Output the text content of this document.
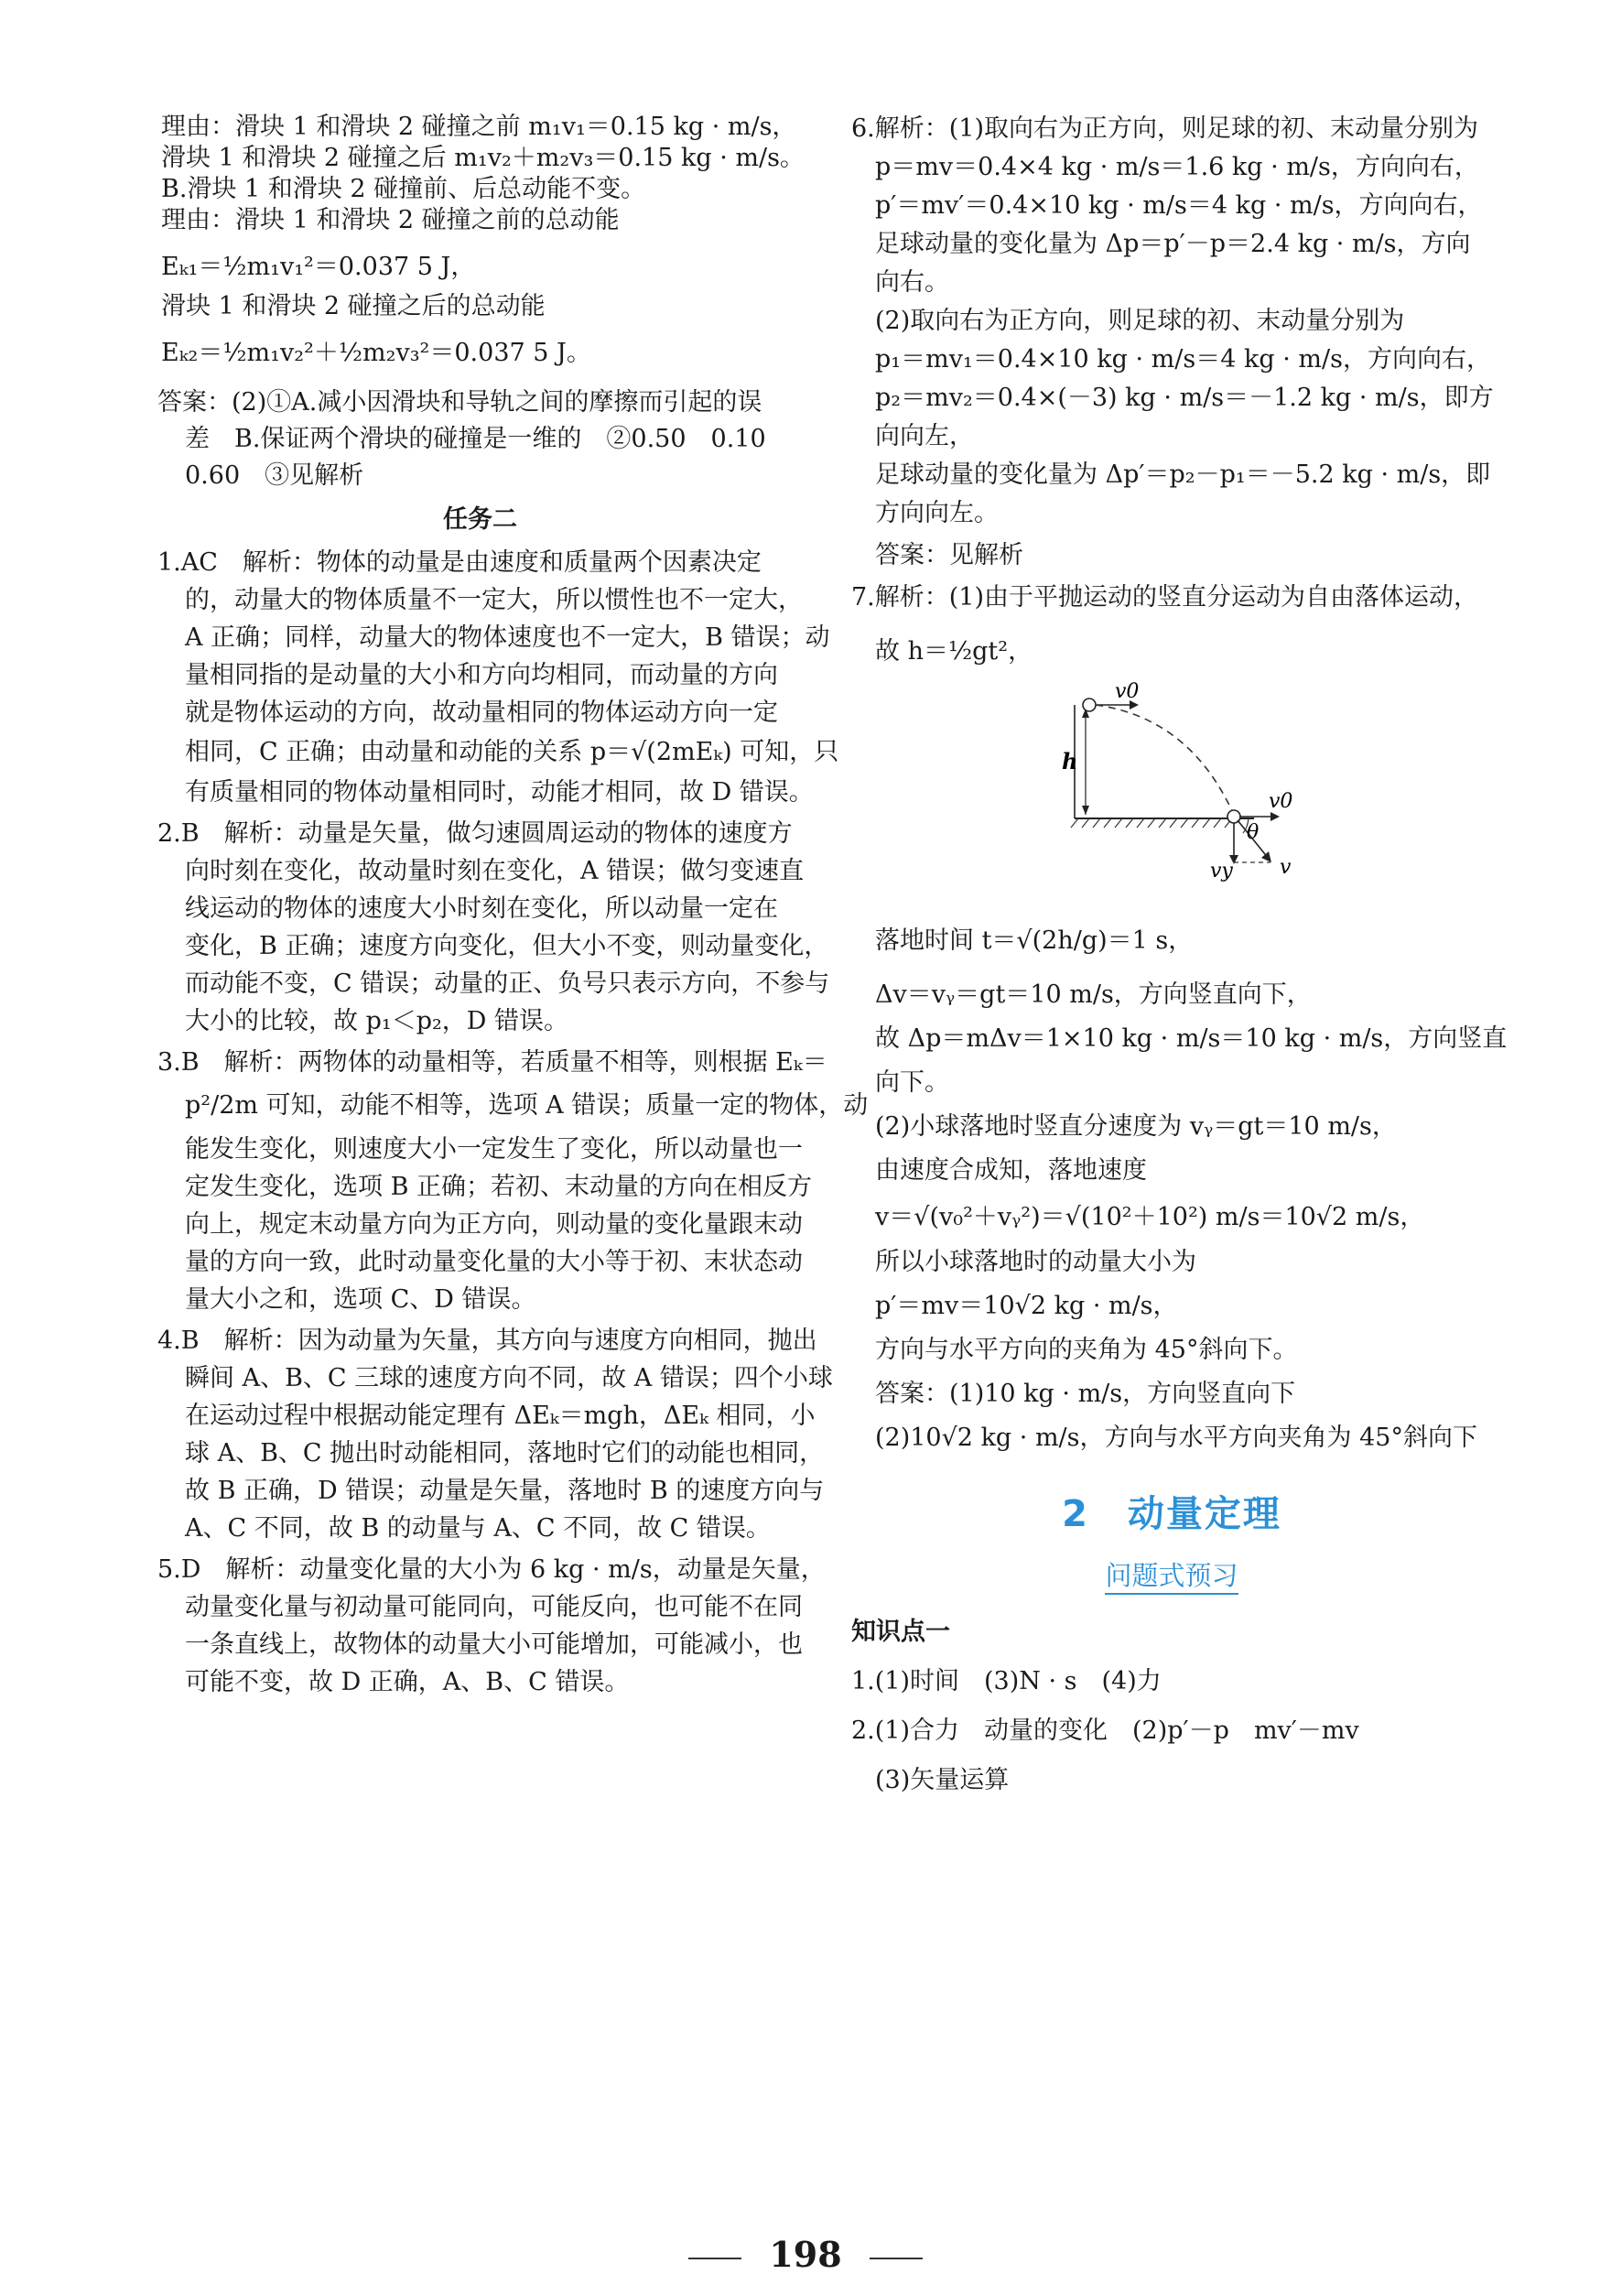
理由：滑块 1 和滑块 2 碰撞之前 m₁v₁＝0.15 kg · m/s，
滑块 1 和滑块 2 碰撞之后 m₁v₂＋m₂v₃＝0.15 kg · m/s。
B.滑块 1 和滑块 2 碰撞前、后总动能不变。
理由：滑块 1 和滑块 2 碰撞之前的总动能
Eₖ₁＝½m₁v₁²＝0.037 5 J，
滑块 1 和滑块 2 碰撞之后的总动能
Eₖ₂＝½m₁v₂²＋½m₂v₃²＝0.037 5 J。
答案：(2)①A.减小因滑块和导轨之间的摩擦而引起的误
差　B.保证两个滑块的碰撞是一维的　②0.50　0.10
0.60　③见解析
任务二
1.AC　解析：物体的动量是由速度和质量两个因素决定
的，动量大的物体质量不一定大，所以惯性也不一定大，
A 正确；同样，动量大的物体速度也不一定大，B 错误；动
量相同指的是动量的大小和方向均相同，而动量的方向
就是物体运动的方向，故动量相同的物体运动方向一定
相同，C 正确；由动量和动能的关系 p＝√(2mEₖ) 可知，只
有质量相同的物体动量相同时，动能才相同，故 D 错误。
2.B　解析：动量是矢量，做匀速圆周运动的物体的速度方
向时刻在变化，故动量时刻在变化，A 错误；做匀变速直
线运动的物体的速度大小时刻在变化，所以动量一定在
变化，B 正确；速度方向变化，但大小不变，则动量变化，
而动能不变，C 错误；动量的正、负号只表示方向，不参与
大小的比较，故 p₁＜p₂，D 错误。
3.B　解析：两物体的动量相等，若质量不相等，则根据 Eₖ＝
p²/2m 可知，动能不相等，选项 A 错误；质量一定的物体，动
能发生变化，则速度大小一定发生了变化，所以动量也一
定发生变化，选项 B 正确；若初、末动量的方向在相反方
向上，规定末动量方向为正方向，则动量的变化量跟末动
量的方向一致，此时动量变化量的大小等于初、末状态动
量大小之和，选项 C、D 错误。
4.B　解析：因为动量为矢量，其方向与速度方向相同，抛出
瞬间 A、B、C 三球的速度方向不同，故 A 错误；四个小球
在运动过程中根据动能定理有 ΔEₖ＝mgh，ΔEₖ 相同，小
球 A、B、C 抛出时动能相同，落地时它们的动能也相同，
故 B 正确，D 错误；动量是矢量，落地时 B 的速度方向与
A、C 不同，故 B 的动量与 A、C 不同，故 C 错误。
5.D　解析：动量变化量的大小为 6 kg · m/s，动量是矢量，
动量变化量与初动量可能同向，可能反向，也可能不在同
一条直线上，故物体的动量大小可能增加，可能减小，也
可能不变，故 D 正确，A、B、C 错误。
6.解析：(1)取向右为正方向，则足球的初、末动量分别为
p＝mv＝0.4×4 kg · m/s＝1.6 kg · m/s，方向向右，
p′＝mv′＝0.4×10 kg · m/s＝4 kg · m/s，方向向右，
足球动量的变化量为 Δp＝p′－p＝2.4 kg · m/s，方向
向右。
(2)取向右为正方向，则足球的初、末动量分别为
p₁＝mv₁＝0.4×10 kg · m/s＝4 kg · m/s，方向向右，
p₂＝mv₂＝0.4×(－3) kg · m/s＝－1.2 kg · m/s，即方
向向左，
足球动量的变化量为 Δp′＝p₂－p₁＝－5.2 kg · m/s，即
方向向左。
答案：见解析
7.解析：(1)由于平抛运动的竖直分运动为自由落体运动，
故 h＝½gt²，
v0
h
v0
θ
vy v
落地时间 t＝√(2h/g)＝1 s，
Δv＝vᵧ＝gt＝10 m/s，方向竖直向下，
故 Δp＝mΔv＝1×10 kg · m/s＝10 kg · m/s，方向竖直
向下。
(2)小球落地时竖直分速度为 vᵧ＝gt＝10 m/s，
由速度合成知，落地速度
v＝√(v₀²＋vᵧ²)＝√(10²＋10²) m/s＝10√2 m/s，
所以小球落地时的动量大小为
p′＝mv＝10√2 kg · m/s，
方向与水平方向的夹角为 45°斜向下。
答案：(1)10 kg · m/s，方向竖直向下
(2)10√2 kg · m/s，方向与水平方向夹角为 45°斜向下
2　动量定理
问题式预习
知识点一
1.(1)时间　(3)N · s　(4)力
2.(1)合力　动量的变化　(2)p′－p　mv′－mv
(3)矢量运算
198
